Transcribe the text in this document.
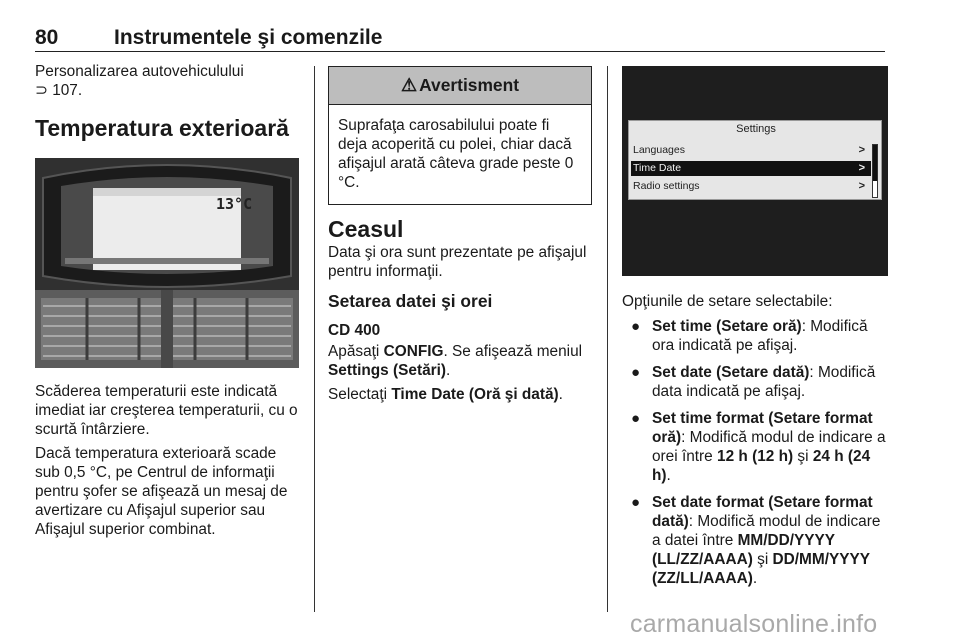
80	Instrumentele şi comenzile

Personalizarea autovehiculului

⊃ 107.

Temperatura exterioară
13°C

Scăderea temperaturii este indicată imediat iar creşterea temperaturii, cu o scurtă întârziere.

Dacă temperatura exterioară scade sub 0,5 °C, pe Centrul de informaţii pentru şofer se afişează un mesaj de avertizare cu Afişajul superior sau Afişajul superior combinat.

⚠ Avertisment

Suprafaţa carosabilului poate fi deja acoperită cu polei, chiar dacă afişajul arată câteva grade peste 0 °C.

Ceasul

Data şi ora sunt prezentate pe afişajul pentru informaţii.

Setarea datei şi orei
CD 400

Apăsaţi CONFIG. Se afişează meniul Settings (Setări).

Selectaţi Time Date (Oră şi dată).

Settings
Languages	>
Time Date	>
Radio settings	>

Opţiunile de setare selectabile:

● Set time (Setare oră): Modifică ora indicată pe afişaj.
● Set date (Setare dată): Modifică data indicată pe afişaj.
● Set time format (Setare format oră): Modifică modul de indicare a orei între 12 h (12 h) şi 24 h (24 h).
● Set date format (Setare format dată): Modifică modul de indicare a datei între MM/DD/YYYY (LL/ZZ/AAAA) şi DD/MM/YYYY (ZZ/LL/AAAA).
carmanualsonline.info
